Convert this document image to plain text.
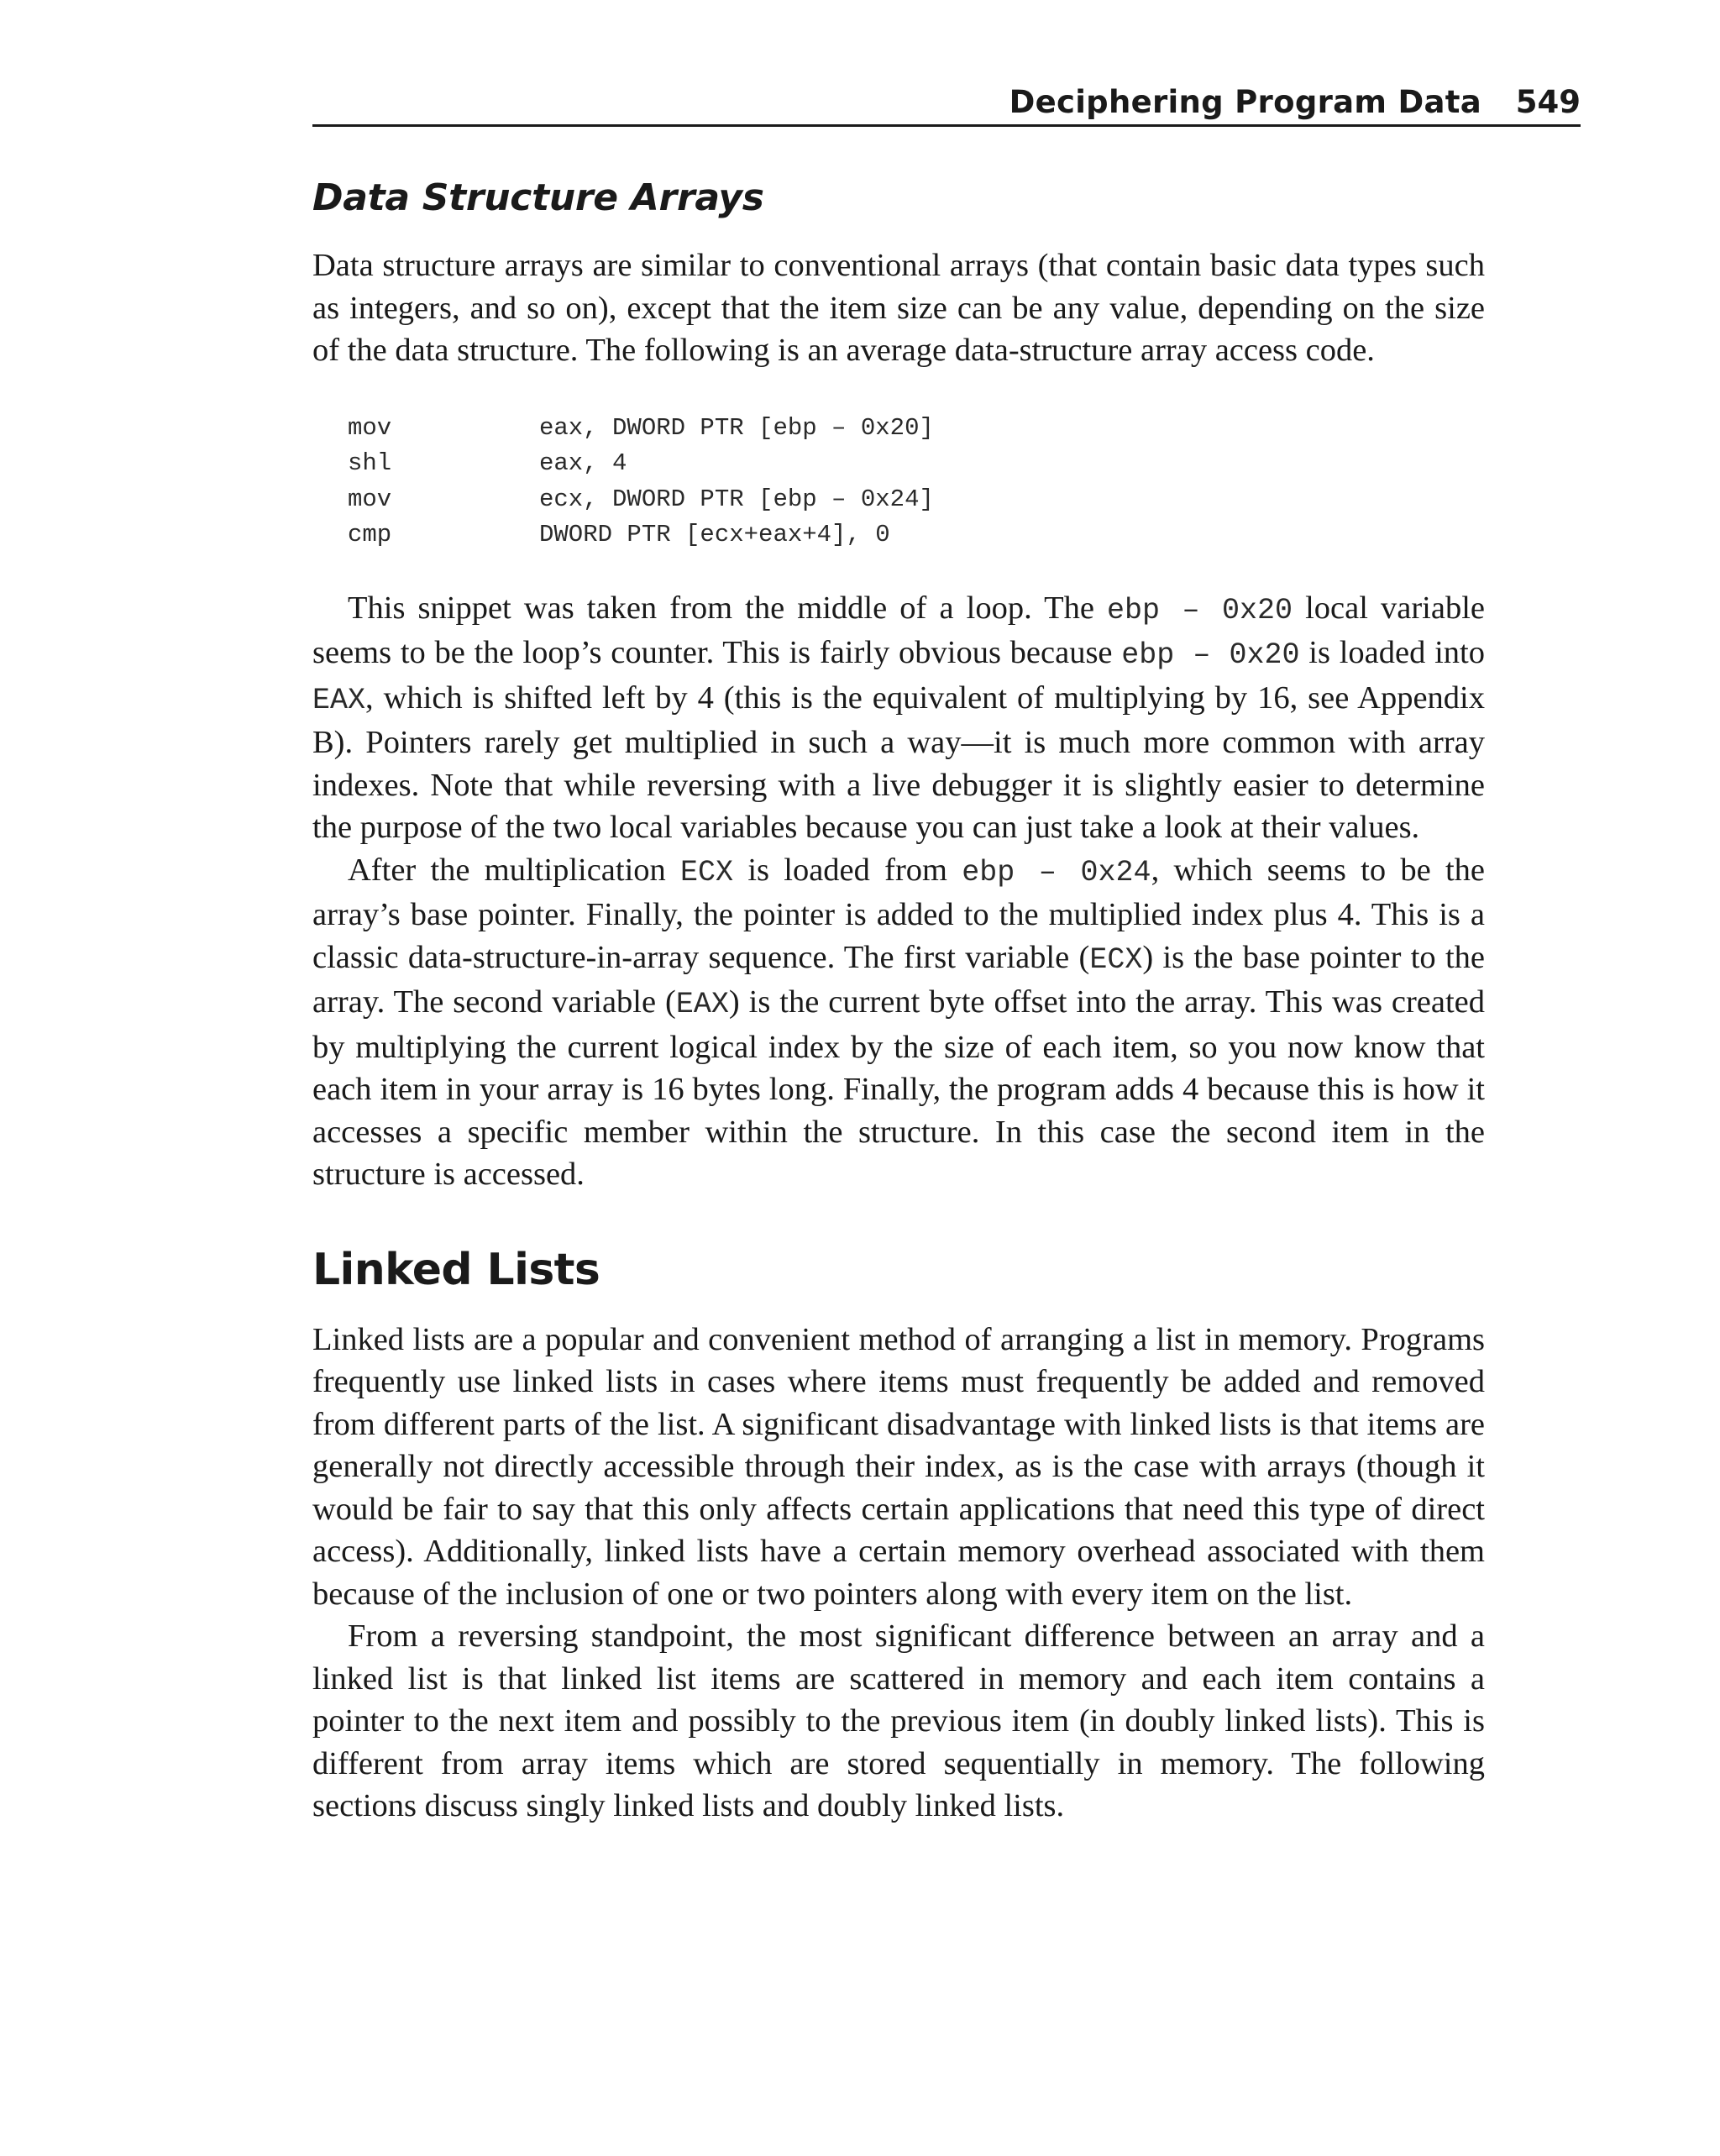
Deciphering Program Data 549
Data Structure Arrays

Data structure arrays are similar to conventional arrays (that contain basic data types such as integers, and so on), except that the item size can be any value, depending on the size of the data structure. The following is an average data-structure array access code.

mov	eax, DWORD PTR [ebp – 0x20]
shl	eax, 4
mov	ecx, DWORD PTR [ebp – 0x24]
cmp	DWORD PTR [ecx+eax+4], 0

This snippet was taken from the middle of a loop. The ebp – 0x20 local variable seems to be the loop’s counter. This is fairly obvious because ebp – 0x20 is loaded into EAX, which is shifted left by 4 (this is the equivalent of multiplying by 16, see Appendix B). Pointers rarely get multiplied in such a way—it is much more common with array indexes. Note that while reversing with a live debugger it is slightly easier to determine the purpose of the two local variables because you can just take a look at their values.

After the multiplication ECX is loaded from ebp – 0x24, which seems to be the array’s base pointer. Finally, the pointer is added to the multiplied index plus 4. This is a classic data-structure-in-array sequence. The first variable (ECX) is the base pointer to the array. The second variable (EAX) is the current byte offset into the array. This was created by multiplying the current logical index by the size of each item, so you now know that each item in your array is 16 bytes long. Finally, the program adds 4 because this is how it accesses a specific member within the structure. In this case the second item in the structure is accessed.

Linked Lists

Linked lists are a popular and convenient method of arranging a list in memory. Programs frequently use linked lists in cases where items must frequently be added and removed from different parts of the list. A significant disadvantage with linked lists is that items are generally not directly accessible through their index, as is the case with arrays (though it would be fair to say that this only affects certain applications that need this type of direct access). Additionally, linked lists have a certain memory overhead associated with them because of the inclusion of one or two pointers along with every item on the list.

From a reversing standpoint, the most significant difference between an array and a linked list is that linked list items are scattered in memory and each item contains a pointer to the next item and possibly to the previous item (in doubly linked lists). This is different from array items which are stored sequentially in memory. The following sections discuss singly linked lists and doubly linked lists.
